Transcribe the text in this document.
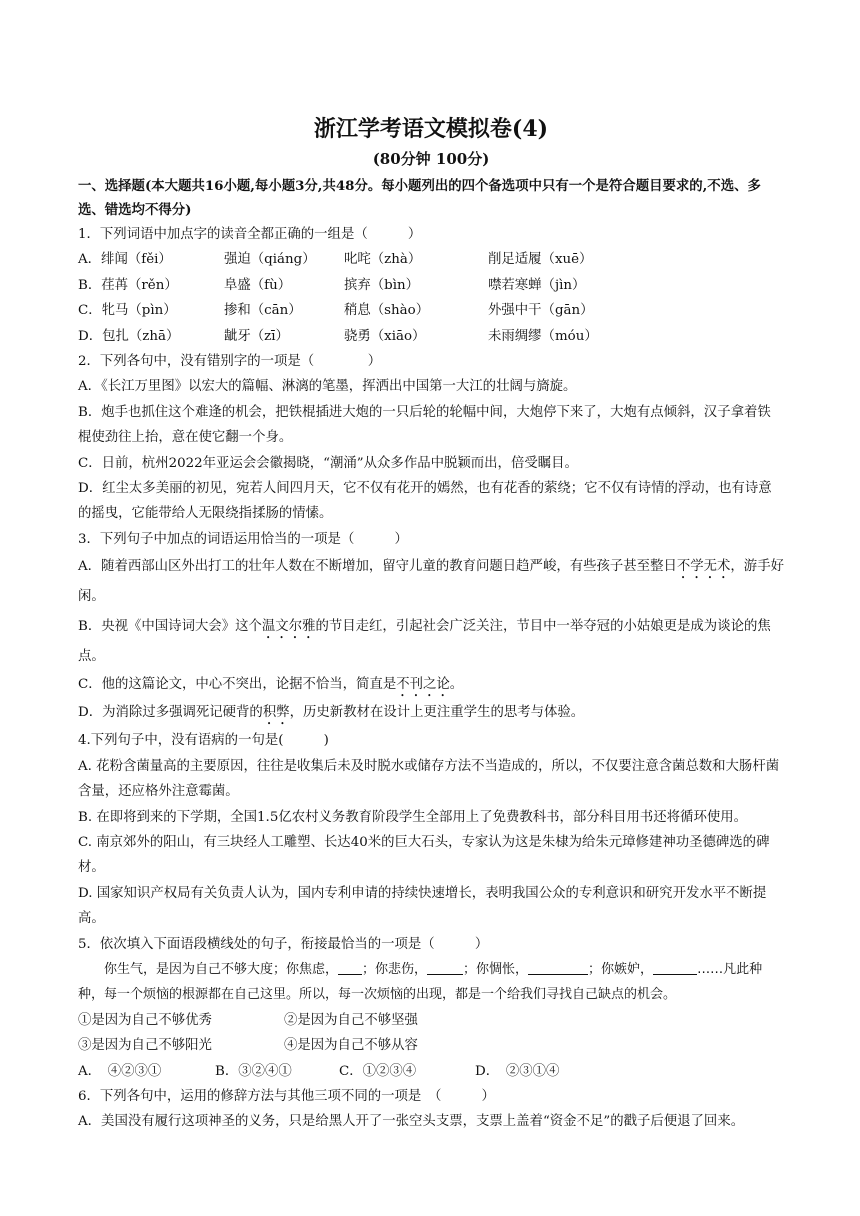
浙江学考语文模拟卷(4)

(80分钟 100分)

一、选择题(本大题共16小题,每小题3分,共48分。每小题列出的四个备选项中只有一个是符合题目要求的,不选、多选、错选均不得分)

1．下列词语中加点字的读音全都正确的一组是（　　　）

A．绯闻（fěi）	强迫（qiáng）	叱咤（zhà）	削足适履（xuē）
B．荏苒（rěn）	阜盛（fù）	摈弃（bìn）	噤若寒蝉（jìn）
C．牝马（pìn）	掺和（cān）	稍息（shào）	外强中干（gān）
D．包扎（zhā）	龇牙（zī）	骁勇（xiāo）	未雨绸缪（móu）

2．下列各句中，没有错别字的一项是（　　　　）

A．《长江万里图》以宏大的篇幅、淋漓的笔墨，挥洒出中国第一大江的壮阔与旖旋。

B．炮手也抓住这个难逢的机会，把铁棍插进大炮的一只后轮的轮幅中间，大炮停下来了，大炮有点倾斜，汉子拿着铁棍使劲往上抬，意在使它翻一个身。

C．日前，杭州2022年亚运会会徽揭晓，“潮涌”从众多作品中脱颖而出，倍受瞩目。

D．红尘太多美丽的初见，宛若人间四月天，它不仅有花开的嫣然，也有花香的萦绕；它不仅有诗情的浮动，也有诗意的摇曳，它能带给人无限绕指揉肠的情愫。

3．下列句子中加点的词语运用恰当的一项是（　　　）

A．随着西部山区外出打工的壮年人数在不断增加，留守儿童的教育问题日趋严峻，有些孩子甚至整日不学无术，游手好闲。

B．央视《中国诗词大会》这个温文尔雅的节目走红，引起社会广泛关注，节目中一举夺冠的小姑娘更是成为谈论的焦点。

C．他的这篇论文，中心不突出，论据不恰当，简直是不刊之论。

D．为消除过多强调死记硬背的积弊，历史新教材在设计上更注重学生的思考与体验。

4.下列句子中，没有语病的一句是(　　　)

A. 花粉含菌量高的主要原因，往往是收集后未及时脱水或储存方法不当造成的，所以，不仅要注意含菌总数和大肠杆菌含量，还应格外注意霉菌。

B. 在即将到来的下学期，全国1.5亿农村义务教育阶段学生全部用上了免费教科书，部分科目用书还将循环使用。

C. 南京郊外的阳山，有三块经人工雕塑、长达40米的巨大石头，专家认为这是朱棣为给朱元璋修建神功圣德碑选的碑材。

D. 国家知识产权局有关负责人认为，国内专利申请的持续快速增长，表明我国公众的专利意识和研究开发水平不断提高。

5．依次填入下面语段横线处的句子，衔接最恰当的一项是（　　　）

你生气，是因为自己不够大度；你焦虑， ；你悲伤，	；你惆怅，	；你嫉妒，	……凡此种种，每一个烦恼的根源都在自己这里。所以，每一次烦恼的出现，都是一个给我们寻找自己缺点的机会。

①是因为自己不够优秀	②是因为自己不够坚强
③是因为自己不够阳光	④是因为自己不够从容
A．　④②③①	B．③②④①	C．①②③④	D．　②③①④

6．下列各句中，运用的修辞方法与其他三项不同的一项是　（　　　）

A．美国没有履行这项神圣的义务，只是给黑人开了一张空头支票，支票上盖着“资金不足”的戳子后便退了回来。
